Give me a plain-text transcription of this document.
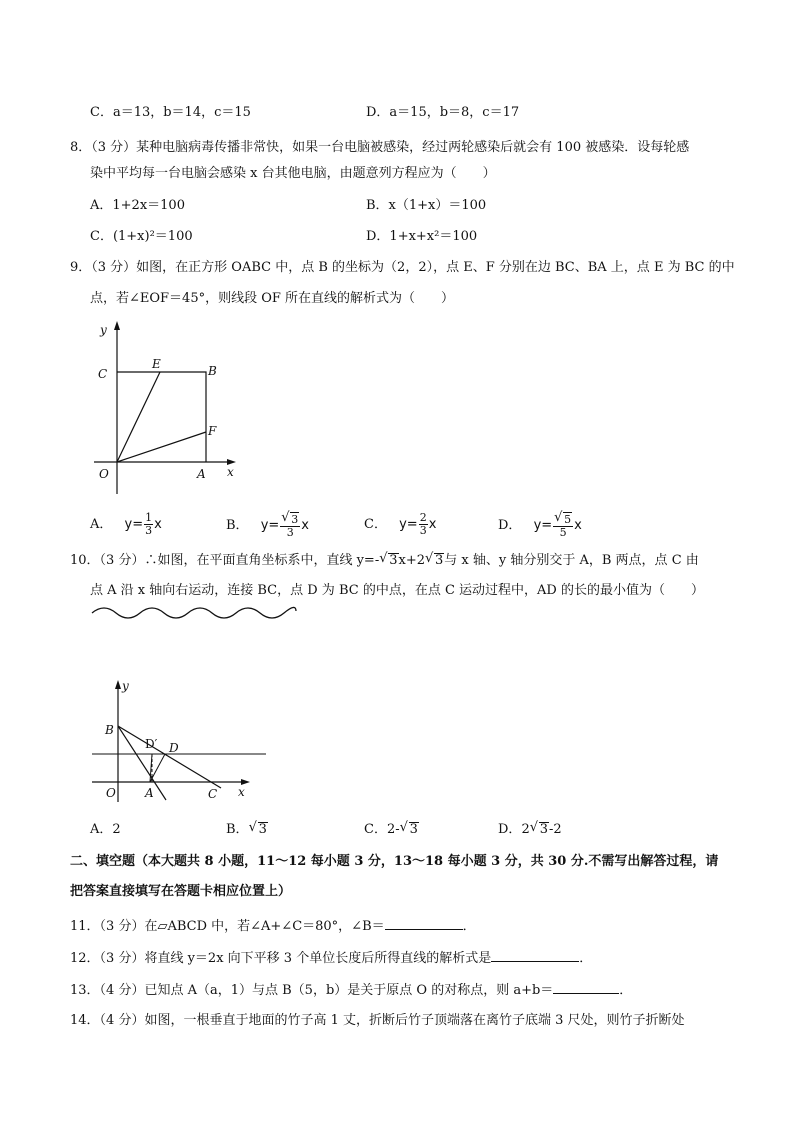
C．a＝13，b＝14，c＝15	D．a＝15，b＝8，c＝17
8．（3 分）某种电脑病毒传播非常快，如果一台电脑被感染，经过两轮感染后就会有 100 被感染．设每轮感
染中平均每一台电脑会感染 x 台其他电脑，由题意列方程应为（　　）
A．1+2x＝100	B．x（1+x）＝100
C．(1+x)²＝100	D．1+x+x²＝100
9．（3 分）如图，在正方形 OABC 中，点 B 的坐标为（2，2），点 E、F 分别在边 BC、BA 上，点 E 为 BC 的中
点，若∠EOF＝45°，则线段 OF 所在直线的解析式为（　　）
y
x
O	A
B
C
E
F
A． $y= \frac{1}{3}$ x	B． y= √ $\frac{3}{3}$ x	C． $y= \frac{2}{3}$ x	D． y= √ $\frac{5}{5}$ x
10．（3 分）∴如图，在平面直角坐标系中，直线 y=- √ 3x+2 √ 3与 x 轴、y 轴分别交于 A，B 两点，点 C 由
点 A 沿 x 轴向右运动，连接 BC，点 D 为 BC 的中点，在点 C 运动过程中，AD 的长的最小值为（　　）
y
x
O A
B
C
D
D′
A．2	B． √ 3	C．2- √ 3	D．2 √ 3-2
二、填空题（本大题共 8 小题，11～12 每小题 3 分，13～18 每小题 3 分，共 30 分.不需写出解答过程，请
把答案直接填写在答题卡相应位置上）
11．（3 分）在▱ABCD 中，若∠A+∠C＝80°，∠B＝	．
12．（3 分）将直线 y＝2x 向下平移 3 个单位长度后所得直线的解析式是	．
13．（4 分）已知点 A（a，1）与点 B（5，b）是关于原点 O 的对称点，则 a+b＝	．
14．（4 分）如图，一根垂直于地面的竹子高 1 丈，折断后竹子顶端落在离竹子底端 3 尺处，则竹子折断处
